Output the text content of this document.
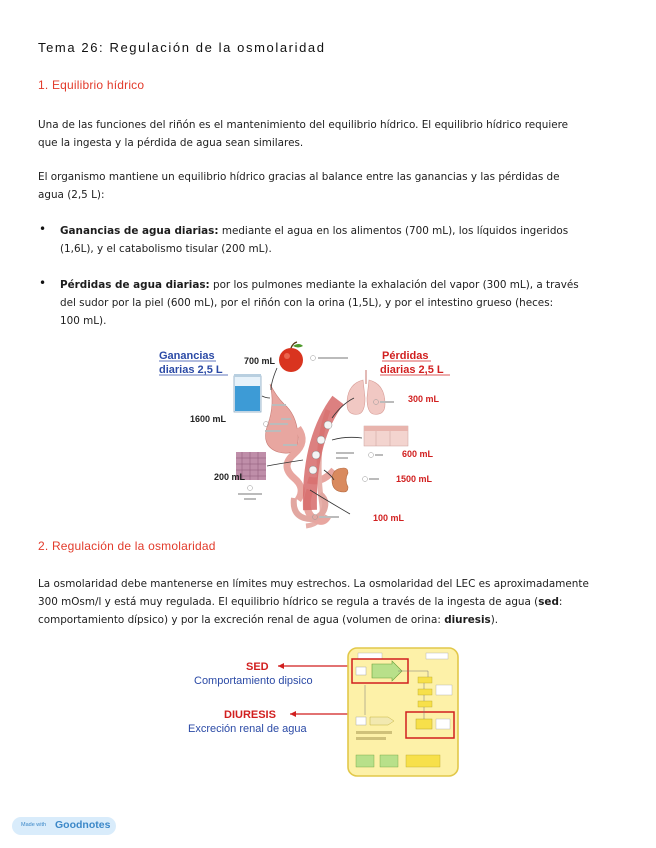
Tema 26: Regulación de la osmolaridad
1. Equilibrio hídrico
Una de las funciones del riñón es el mantenimiento del equilibrio hídrico. El equilibrio hídrico requiere
que la ingesta y la pérdida de agua sean similares.
El organismo mantiene un equilibrio hídrico gracias al balance entre las ganancias y las pérdidas de
agua (2,5 L):
• Ganancias de agua diarias: mediante el agua en los alimentos (700 mL), los líquidos ingeridos
(1,6L), y el catabolismo tisular (200 mL).
• Pérdidas de agua diarias: por los pulmones mediante la exhalación del vapor (300 mL), a través
del sudor por la piel (600 mL), por el riñón con la orina (1,5L), y por el intestino grueso (heces:
100 mL).
Ganancias
diarias 2,5 L
Pérdidas
diarias 2,5 L
700 mL
1600 mL
300 mL
600 mL
1500 mL
200 mL
100 mL
2. Regulación de la osmolaridad
La osmolaridad debe mantenerse en límites muy estrechos. La osmolaridad del LEC es aproximadamente
300 mOsm/l y está muy regulada. El equilibrio hídrico se regula a través de la ingesta de agua (sed:
comportamiento dípsico) y por la excreción renal de agua (volumen de orina: diuresis).
SED
Comportamiento dipsico
DIURESIS
Excreción renal de agua
Made with Goodnotes
